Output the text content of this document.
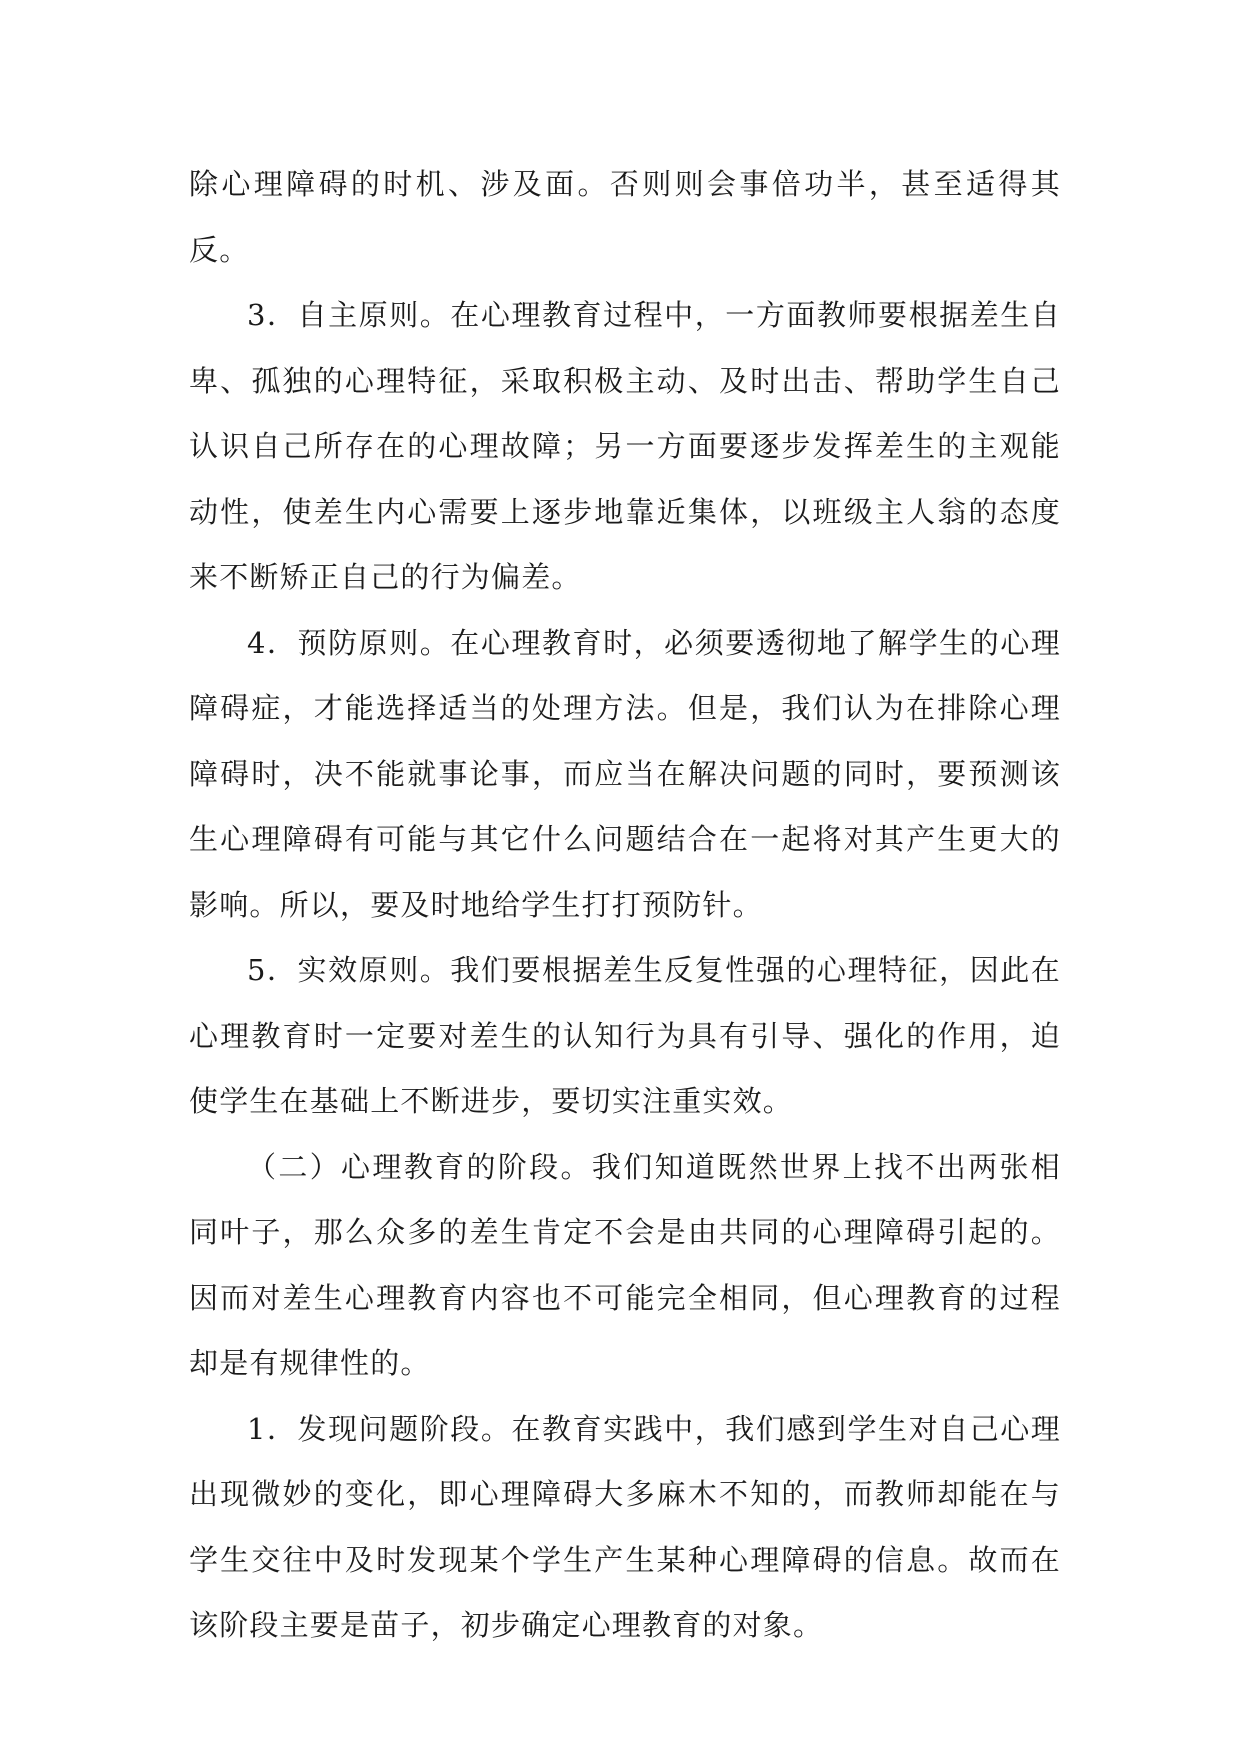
除心理障碍的时机、涉及面。否则则会事倍功半，甚至适得其反。

3．自主原则。在心理教育过程中，一方面教师要根据差生自卑、孤独的心理特征，采取积极主动、及时出击、帮助学生自己认识自己所存在的心理故障；另一方面要逐步发挥差生的主观能动性，使差生内心需要上逐步地靠近集体，以班级主人翁的态度来不断矫正自己的行为偏差。

4．预防原则。在心理教育时，必须要透彻地了解学生的心理障碍症，才能选择适当的处理方法。但是，我们认为在排除心理障碍时，决不能就事论事，而应当在解决问题的同时，要预测该生心理障碍有可能与其它什么问题结合在一起将对其产生更大的影响。所以，要及时地给学生打打预防针。

5．实效原则。我们要根据差生反复性强的心理特征，因此在心理教育时一定要对差生的认知行为具有引导、强化的作用，迫使学生在基础上不断进步，要切实注重实效。

（二）心理教育的阶段。我们知道既然世界上找不出两张相同叶子，那么众多的差生肯定不会是由共同的心理障碍引起的。因而对差生心理教育内容也不可能完全相同，但心理教育的过程却是有规律性的。

1．发现问题阶段。在教育实践中，我们感到学生对自己心理出现微妙的变化，即心理障碍大多麻木不知的，而教师却能在与学生交往中及时发现某个学生产生某种心理障碍的信息。故而在该阶段主要是苗子，初步确定心理教育的对象。
